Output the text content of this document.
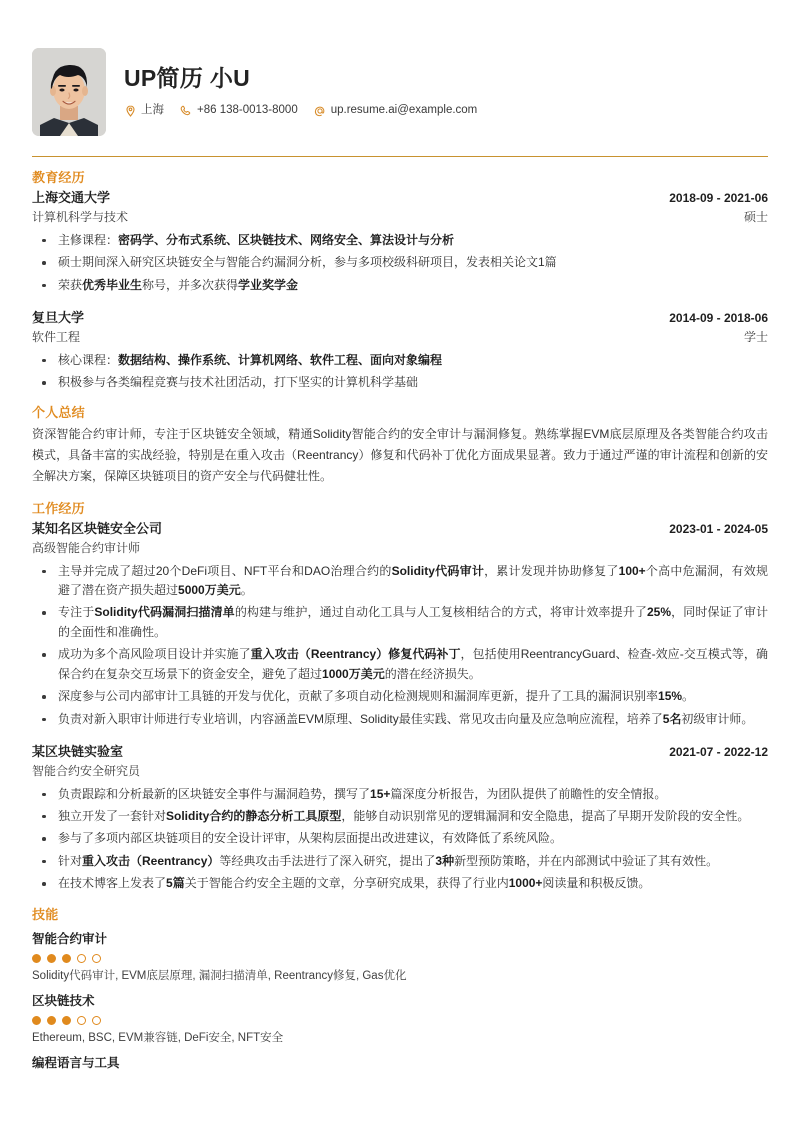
UP简历 小U
上海	+86 138-0013-8000	up.resume.ai@example.com
教育经历
上海交通大学	2018-09 - 2021-06
计算机科学与技术	硕士
主修课程：密码学、分布式系统、区块链技术、网络安全、算法设计与分析
硕士期间深入研究区块链安全与智能合约漏洞分析，参与多项校级科研项目，发表相关论文1篇
荣获优秀毕业生称号，并多次获得学业奖学金
复旦大学	2014-09 - 2018-06
软件工程	学士
核心课程：数据结构、操作系统、计算机网络、软件工程、面向对象编程
积极参与各类编程竞赛与技术社团活动，打下坚实的计算机科学基础
个人总结
资深智能合约审计师，专注于区块链安全领域，精通Solidity智能合约的安全审计与漏洞修复。熟练掌握EVM底层原理及各类智能合约攻击模式，具备丰富的实战经验，特别是在重入攻击（Reentrancy）修复和代码补丁优化方面成果显著。致力于通过严谨的审计流程和创新的安全解决方案，保障区块链项目的资产安全与代码健壮性。
工作经历
某知名区块链安全公司	2023-01 - 2024-05
高级智能合约审计师
主导并完成了超过20个DeFi项目、NFT平台和DAO治理合约的Solidity代码审计，累计发现并协助修复了100+个高中危漏洞，有效规避了潜在资产损失超过5000万美元。
专注于Solidity代码漏洞扫描清单的构建与维护，通过自动化工具与人工复核相结合的方式，将审计效率提升了25%，同时保证了审计的全面性和准确性。
成功为多个高风险项目设计并实施了重入攻击（Reentrancy）修复代码补丁，包括使用ReentrancyGuard、检查-效应-交互模式等，确保合约在复杂交互场景下的资金安全，避免了超过1000万美元的潜在经济损失。
深度参与公司内部审计工具链的开发与优化，贡献了多项自动化检测规则和漏洞库更新，提升了工具的漏洞识别率15%。
负责对新入职审计师进行专业培训，内容涵盖EVM原理、Solidity最佳实践、常见攻击向量及应急响应流程，培养了5名初级审计师。
某区块链实验室	2021-07 - 2022-12
智能合约安全研究员
负责跟踪和分析最新的区块链安全事件与漏洞趋势，撰写了15+篇深度分析报告，为团队提供了前瞻性的安全情报。
独立开发了一套针对Solidity合约的静态分析工具原型，能够自动识别常见的逻辑漏洞和安全隐患，提高了早期开发阶段的安全性。
参与了多项内部区块链项目的安全设计评审，从架构层面提出改进建议，有效降低了系统风险。
针对重入攻击（Reentrancy）等经典攻击手法进行了深入研究，提出了3种新型预防策略，并在内部测试中验证了其有效性。
在技术博客上发表了5篇关于智能合约安全主题的文章，分享研究成果，获得了行业内1000+阅读量和积极反馈。
技能
智能合约审计
Solidity代码审计, EVM底层原理, 漏洞扫描清单, Reentrancy修复, Gas优化
区块链技术
Ethereum, BSC, EVM兼容链, DeFi安全, NFT安全
编程语言与工具
